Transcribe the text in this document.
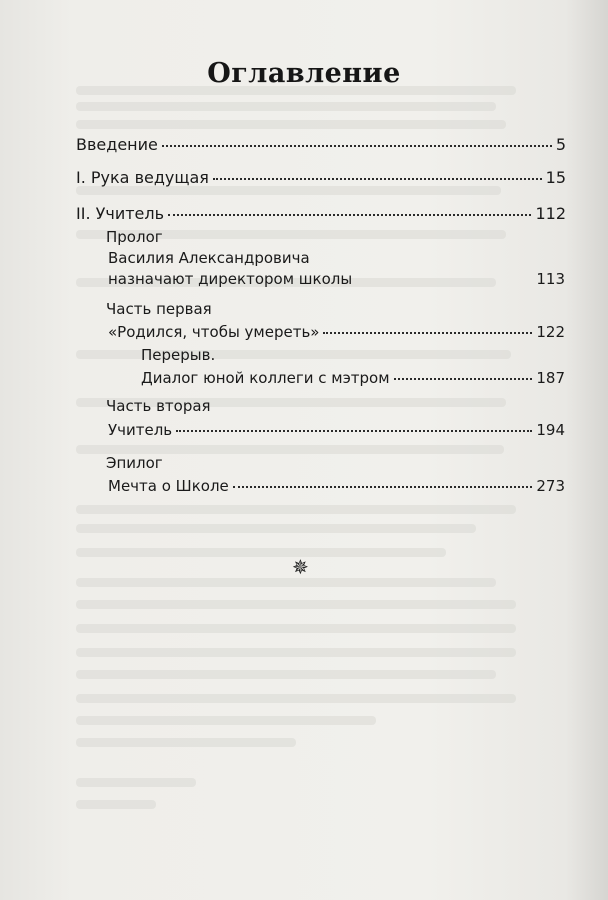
Оглавление
Введение	5
I. Рука ведущая	15
II. Учитель	112
Пролог
Василия Александровича
назначают директором школы	113
Часть первая
«Родился, чтобы умереть»	122
Перерыв.
Диалог юной коллеги с мэтром	187
Часть вторая
Учитель	194
Эпилог
Мечта о Школе	273
✵
